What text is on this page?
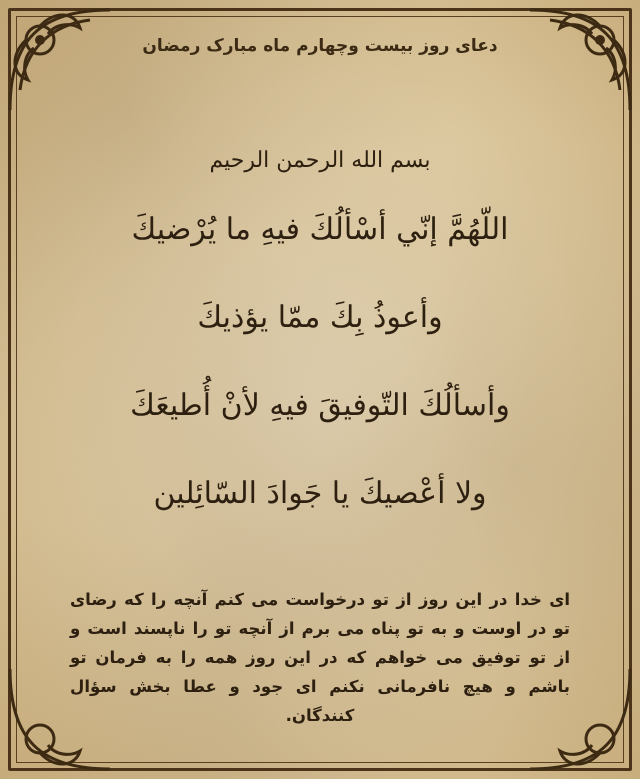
دعای روز بیست وچهارم ماه مبارک رمضان
بسم الله الرحمن الرحیم
اللّهُمَّ إنّي أسْألُكَ فيهِ ما يُرْضيكَ
وأعوذُ بِكَ ممّا يؤذيكَ
وأسألُكَ التّوفيقَ فيهِ لأنْ أُطيعَكَ
ولا أعْصيكَ يا جَوادَ السّائِلين
ای خدا در این روز از تو درخواست می کنم آنچه را که رضای تو در اوست و به تو پناه می برم از آنچه تو را ناپسند است و از تو توفیق می خواهم که در این روز همه را به فرمان تو باشم و هیچ نافرمانی نکنم ای جود و عطا بخش سؤال کنندگان.
